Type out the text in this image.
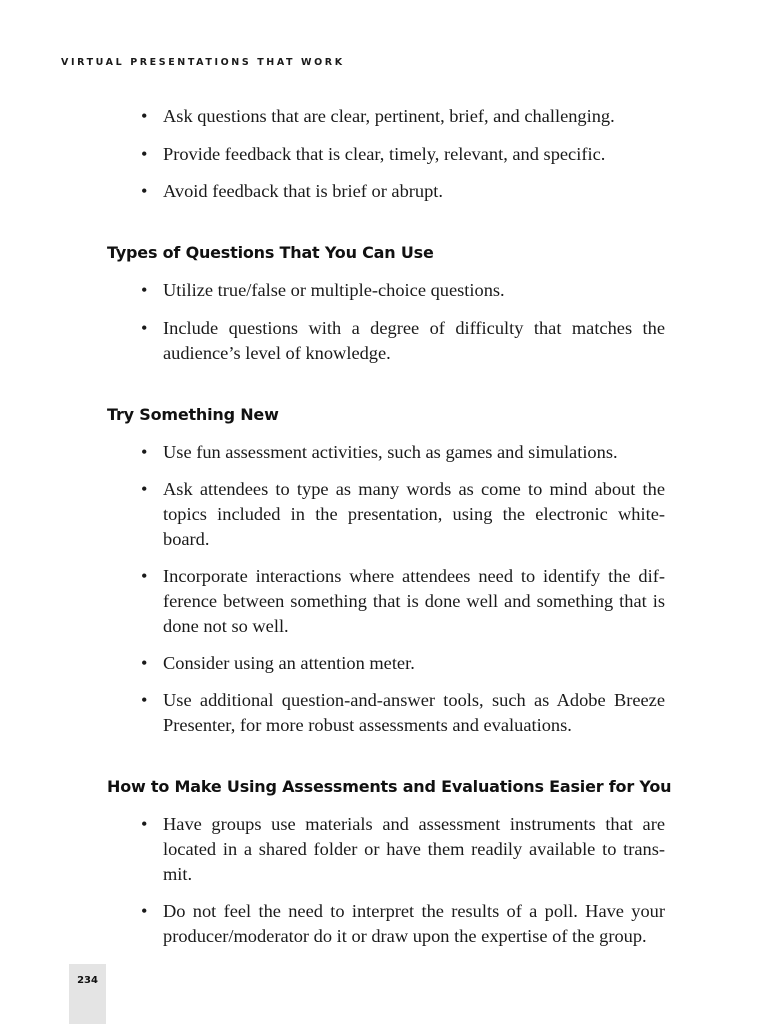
VIRTUAL PRESENTATIONS THAT WORK
• Ask questions that are clear, pertinent, brief, and challenging.
• Provide feedback that is clear, timely, relevant, and specific.
• Avoid feedback that is brief or abrupt.
Types of Questions That You Can Use
• Utilize true/false or multiple-choice questions.
• Include questions with a degree of difficulty that matches the audience’s level of knowledge.
Try Something New
• Use fun assessment activities, such as games and simulations.
• Ask attendees to type as many words as come to mind about the topics included in the presentation, using the electronic white-board.
• Incorporate interactions where attendees need to identify the dif-ference between something that is done well and something that is done not so well.
• Consider using an attention meter.
• Use additional question-and-answer tools, such as Adobe Breeze Presenter, for more robust assessments and evaluations.
How to Make Using Assessments and Evaluations Easier for You
• Have groups use materials and assessment instruments that are located in a shared folder or have them readily available to trans-mit.
• Do not feel the need to interpret the results of a poll. Have your producer/moderator do it or draw upon the expertise of the group.
234
